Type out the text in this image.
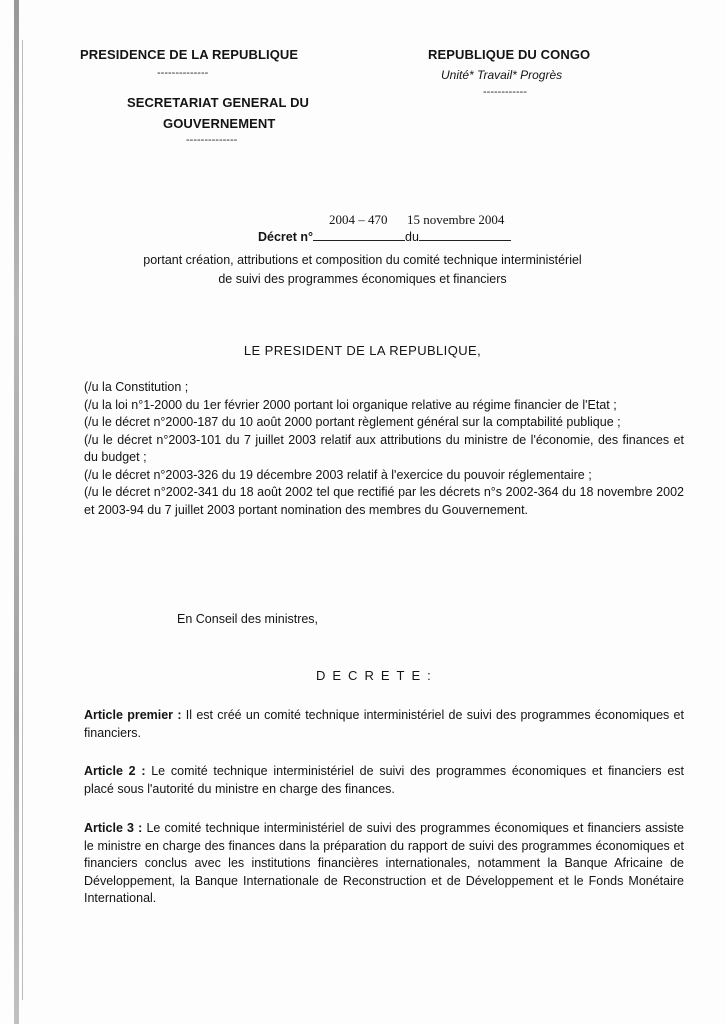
PRESIDENCE DE LA REPUBLIQUE
--------------
SECRETARIAT GENERAL DU
GOUVERNEMENT
--------------
REPUBLIQUE DU CONGO
Unité* Travail* Progrès
------------
Décret n°
2004 – 470
du
15 novembre 2004
portant création, attributions et composition du comité technique interministériel
de suivi des programmes économiques et financiers
LE PRESIDENT DE LA REPUBLIQUE,

(/u la Constitution ;

(/u la loi n°1-2000 du 1er février 2000 portant loi organique relative au régime financier de l'Etat ;

(/u le décret n°2000-187 du 10 août 2000 portant règlement général sur la comptabilité publique ;

(/u le décret n°2003-101 du 7 juillet 2003 relatif aux attributions du ministre de l'économie, des finances et du budget ;

(/u le décret n°2003-326 du 19 décembre 2003 relatif à l'exercice du pouvoir réglementaire ;

(/u le décret n°2002-341 du 18 août 2002 tel que rectifié par les décrets n°s 2002-364 du 18 novembre 2002 et 2003-94 du 7 juillet 2003 portant nomination des membres du Gouvernement.

En Conseil des ministres,
DECRETE:
Article premier : Il est créé un comité technique interministériel de suivi des programmes économiques et financiers.
Article 2 : Le comité technique interministériel de suivi des programmes économiques et financiers est placé sous l'autorité du ministre en charge des finances.
Article 3 : Le comité technique interministériel de suivi des programmes économiques et financiers assiste le ministre en charge des finances dans la préparation du rapport de suivi des programmes économiques et financiers conclus avec les institutions financières internationales, notamment la Banque Africaine de Développement, la Banque Internationale de Reconstruction et de Développement et le Fonds Monétaire International.
